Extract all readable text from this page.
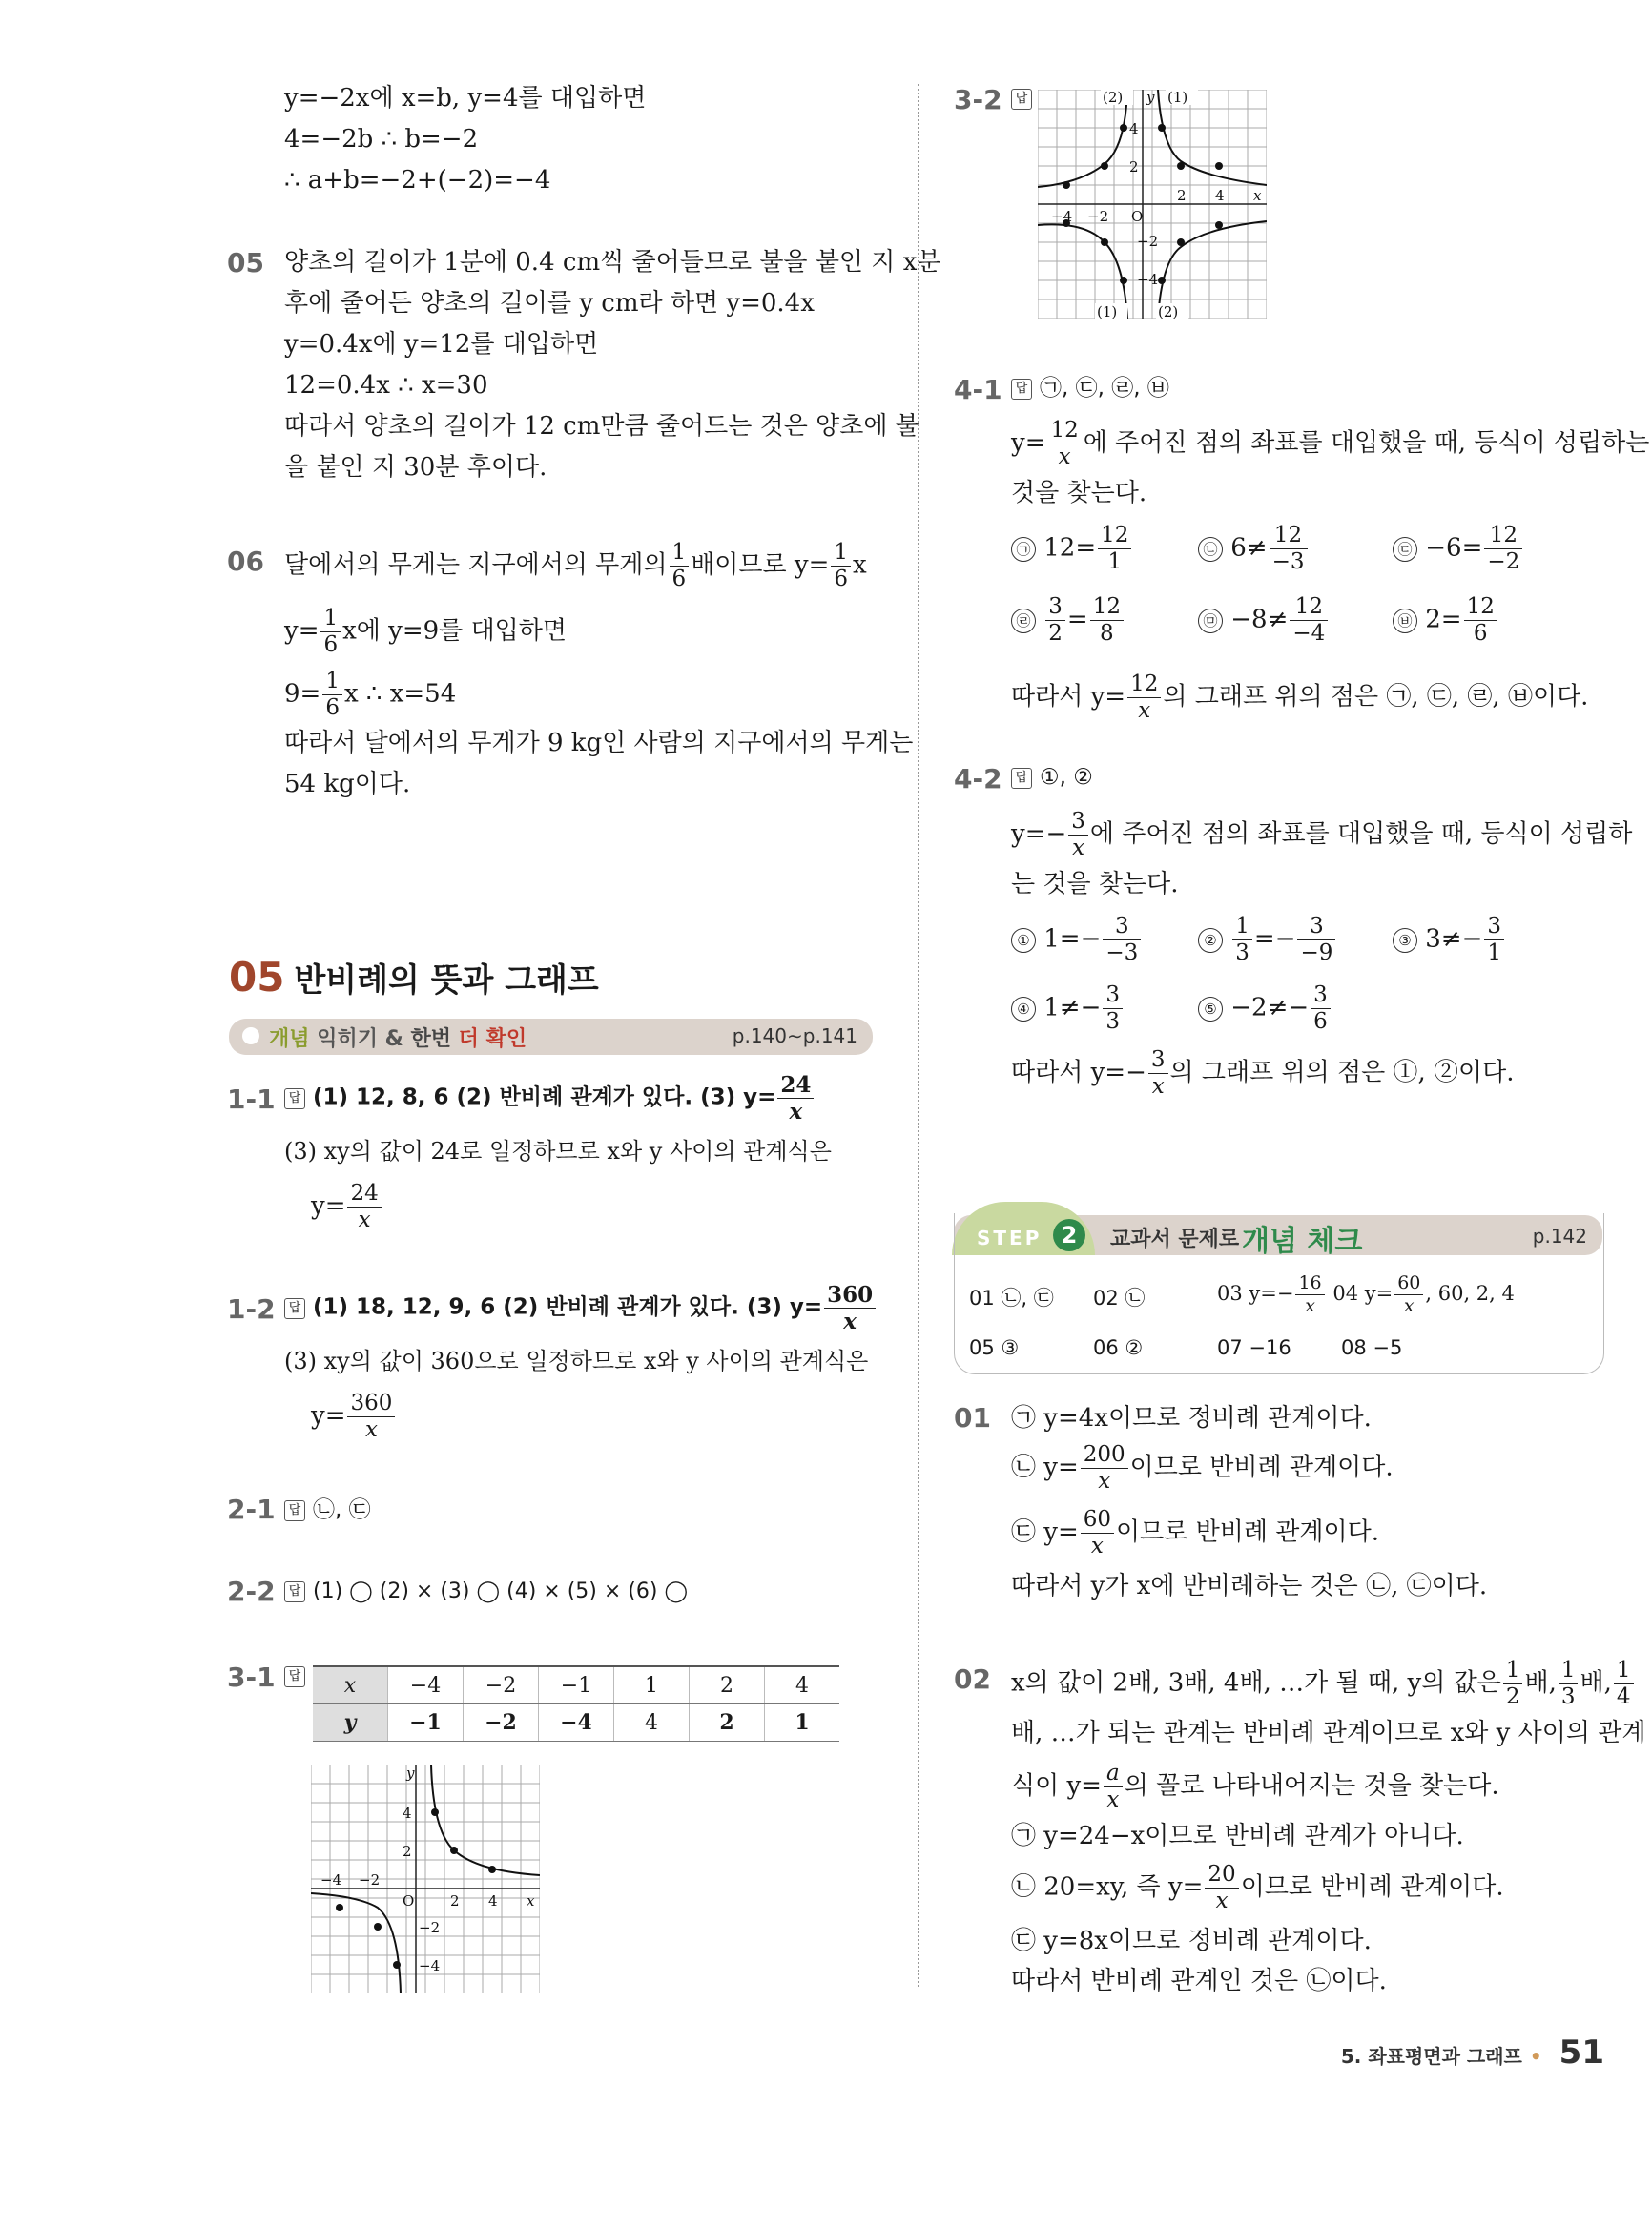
y=−2x에 x=b, y=4를 대입하면
4=−2b ∴ b=−2
∴ a+b=−2+(−2)=−4
05 양초의 길이가 1분에 0.4 cm씩 줄어들므로 불을 붙인 지 x분
후에 줄어든 양초의 길이를 y cm라 하면 y=0.4x
y=0.4x에 y=12를 대입하면
12=0.4x ∴ x=30
따라서 양초의 길이가 12 cm만큼 줄어드는 것은 양초에 불
을 붙인 지 30분 후이다.
06 달에서의 무게는 지구에서의 무게의 $\frac{1}{6}$ 배이므로 $y= \frac{1}{6}$ x
$y= \frac{1}{6}$ x에 y=9를 대입하면
$9= \frac{1}{6}$ x ∴ x=54
따라서 달에서의 무게가 9 kg인 사람의 지구에서의 무게는
54 kg이다.
05 반비례의 뜻과 그래프
개념 익히기 & 한번 더 확인	p.140∼p.141
1-1	답 (1) 12, 8, 6 (2) 반비례 관계가 있다. (3) $y= \frac{24}{x}$
(3) xy의 값이 24로 일정하므로 x와 y 사이의 관계식은
$y= \frac{24}{x}$
1-2	답 (1) 18, 12, 9, 6 (2) 반비례 관계가 있다. (3) $y= \frac{360}{x}$
(3) xy의 값이 360으로 일정하므로 x와 y 사이의 관계식은
$y= \frac{360}{x}$
2-1	답 ㉡, ㉢
2-2	답 (1) ◯ (2) × (3) ◯ (4) × (5) × (6) ◯
3-1	답	x	−4	−2	−1	1	2	4
y	−1	−2	−4	4	2	1
y
4
2
−4 −2
O	2 4 x
−2
−4
3-2	답	(2) y (1)
4
2
2 4 x
−4 −2 O
−2
−4
(1)	(2)
4-1	답 ㉠, ㉢, ㉣, ㉥
$y= \frac{12}{x}$ 에 주어진 점의 좌표를 대입했을 때, 등식이 성립하는
것을 찾는다.
㉠ $12= \frac{12}{1}$	㉡ $6\ne \frac{12}{-3}$	㉢ $-6= \frac{12}{-2}$
㉣ $\frac{3}{2} = \frac{12}{8}$	㉤ $-8\ne \frac{12}{-4}$	㉥ $2= \frac{12}{6}$
따라서 $y= \frac{12}{x}$ 의 그래프 위의 점은 ㉠, ㉢, ㉣, ㉥이다.
4-2	답 ①, ②
$y=- \frac{3}{x}$ 에 주어진 점의 좌표를 대입했을 때, 등식이 성립하
는 것을 찾는다.
① $1=- \frac{3}{-3}$	② $\frac{1}{3} =- \frac{3}{-9}$	③ $3\ne- \frac{3}{1}$
④ $1\ne- \frac{3}{3}$	⑤ $-2\ne- \frac{3}{6}$
따라서 $y=- \frac{3}{x}$ 의 그래프 위의 점은 ①, ②이다.
STEP 2	교과서 문제로 개념 체크	p.142
01 ㉡, ㉢ 02 ㉡	03 $y=- \frac{16}{x} 04$ $y= \frac{60}{x}$ , 60, 2, 4
05 ③	06 ②	07 −16 08 −5
01 ㉠ y=4x이므로 정비례 관계이다.
㉡ $y= \frac{200}{x}$ 이므로 반비례 관계이다.
㉢ $y= \frac{60}{x}$ 이므로 반비례 관계이다.
따라서 y가 x에 반비례하는 것은 ㉡, ㉢이다.
02 x의 값이 2배, 3배, 4배, …가 될 때, y의 값은 $\frac{1}{2}$ 배, $\frac{1}{3}$ 배, $\frac{1}{4}$
배, …가 되는 관계는 반비례 관계이므로 x와 y 사이의 관계
식이 $y= \frac{a}{x}$ 의 꼴로 나타내어지는 것을 찾는다.
㉠ y=24−x이므로 반비례 관계가 아니다.
㉡ 20=xy, 즉 $y= \frac{20}{x}$ 이므로 반비례 관계이다.
㉢ y=8x이므로 정비례 관계이다.
따라서 반비례 관계인 것은 ㉡이다.
5. 좌표평면과 그래프 • 51
